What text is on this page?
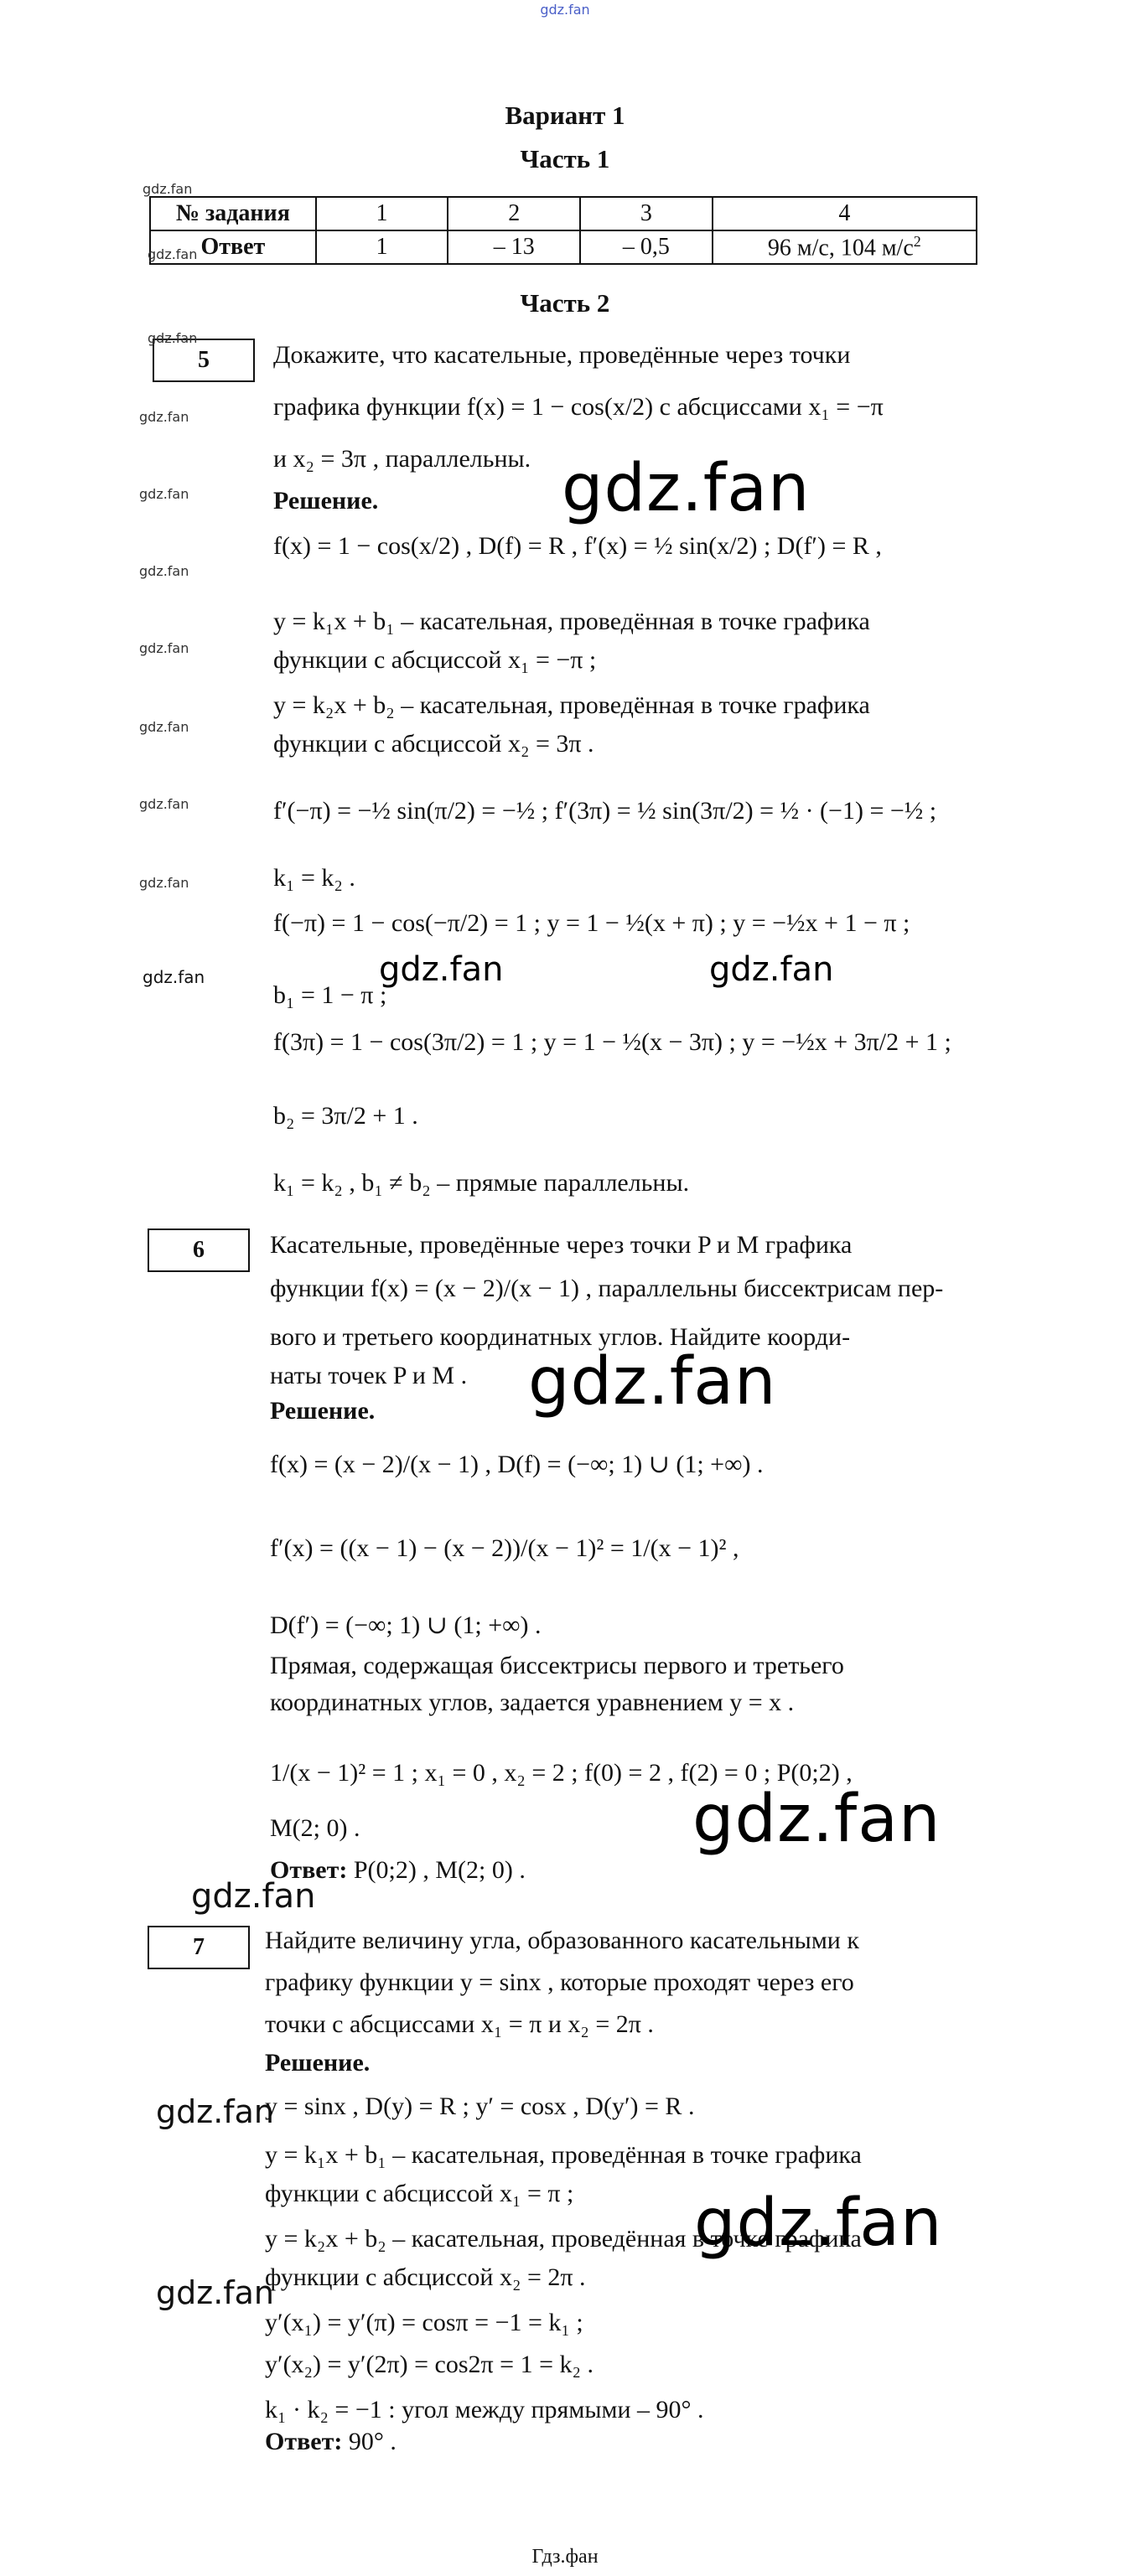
gdz.fan
Вариант 1
Часть 1
№ задания	1	2	3	4
Ответ	1	– 13	– 0,5	96 м/с, 104 $м/с^2$
Часть 2
5	Докажите, что касательные, проведённые через точки
графика функции f(x) = 1 − cos(x/2) с абсциссами x₁ = −π
и x₂ = 3π , параллельны.
Решение.
f(x) = 1 − cos(x/2) , D(f) = R , f′(x) = ½ sin(x/2) ; D(f′) = R ,
y = k₁x + b₁ – касательная, проведённая в точке графика
функции с абсциссой x₁ = −π ;
y = k₂x + b₂ – касательная, проведённая в точке графика
функции с абсциссой x₂ = 3π .
f′(−π) = −½ sin(π/2) = −½ ; f′(3π) = ½ sin(3π/2) = ½ · (−1) = −½ ;
k₁ = k₂ .
f(−π) = 1 − cos(−π/2) = 1 ; y = 1 − ½(x + π) ; y = −½x + 1 − π ;
b₁ = 1 − π ;
f(3π) = 1 − cos(3π/2) = 1 ; y = 1 − ½(x − 3π) ; y = −½x + 3π/2 + 1 ;
b₂ = 3π/2 + 1 .
k₁ = k₂ , b₁ ≠ b₂ – прямые параллельны.
6	Касательные, проведённые через точки P и M графика
функции f(x) = (x − 2)/(x − 1) , параллельны биссектрисам пер-
вого и третьего координатных углов. Найдите коорди-
наты точек P и M .
Решение.
f(x) = (x − 2)/(x − 1) , D(f) = (−∞; 1) ∪ (1; +∞) .
f′(x) = ((x − 1) − (x − 2))/(x − 1)² = 1/(x − 1)² ,
D(f′) = (−∞; 1) ∪ (1; +∞) .
Прямая, содержащая биссектрисы первого и третьего
координатных углов, задается уравнением y = x .
1/(x − 1)² = 1 ; x₁ = 0 , x₂ = 2 ; f(0) = 2 , f(2) = 0 ; P(0;2) ,
M(2; 0) .
Ответ: P(0;2) , M(2; 0) .
7	Найдите величину угла, образованного касательными к
графику функции y = sinx , которые проходят через его
точки с абсциссами x₁ = π и x₂ = 2π .
Решение.
y = sinx , D(y) = R ; y′ = cosx , D(y′) = R .
y = k₁x + b₁ – касательная, проведённая в точке графика
функции с абсциссой x₁ = π ;
y = k₂x + b₂ – касательная, проведённая в точке графика
функции с абсциссой x₂ = 2π .
y′(x₁) = y′(π) = cosπ = −1 = k₁ ;
y′(x₂) = y′(2π) = cos2π = 1 = k₂ .
k₁ · k₂ = −1 : угол между прямыми – 90° .
Ответ: 90° .
gdz.fan
gdz.fan
gdz.fan
gdz.fan
gdz.fan
gdz.fan
gdz.fan
gdz.fan
gdz.fan
gdz.fan
gdz.fan	gdz.fan	gdz.fan
gdz.fan
gdz.fan
gdz.fan
gdz.fan
gdz.fan
gdz.fan
gdz.fan
Гдз.фан
